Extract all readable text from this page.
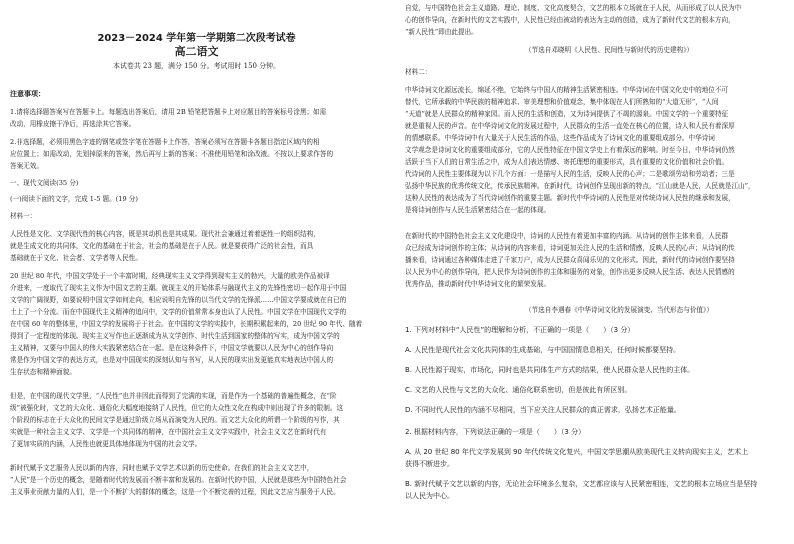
2023－2024 学年第一学期第二次段考试卷
高二语文
本试卷共 23 题，满分 150 分。考试用时 150 分钟。
注意事项：
1.请将选择题答案写在答题卡上。每题选出答案后，请用 2B 铅笔把答题卡上对应题目的答案标号涂黑；如需
改动，用橡皮擦干净后，再选涂其它答案。
2.非选择题，必须用黑色字迹的钢笔或签字笔在答题卡上作答，答案必须写在答题卡各题目指定区域内的相
应位置上；如需改动，先划掉原来的答案，然后再写上新的答案；不准使用铅笔和涂改液。不按以上要求作答的
答案无效。
一、现代文阅读(35 分)
(一)阅读下面的文字，完成 1-5 题。(19 分)
材料一：
人民性是文化、文学现代性的核心内容，既是其动机也是其成果。现代社会兼通过着着逐性一的组织结构，
就是生成文化的共同体，文化的基础在于社会，社会的基础是在于人民。就是要获得广泛的社会性，而具
基础就在于文化、社会者、文学者等人民性。
20 世纪 80 年代，中国文学处于一个丰富时期，经典现实主义文学得到现实主义的勃兴，大量的欧美作品被译
介进来，一度取代了现实主义作为中国文艺的主潮。就现主义的开始体系与融现代主义的先锋性密切一起作用于中国
文学的广阔视野，如要说明中国文学如何走向，相应说明自先锋的以当代文学的先锋派……中国文学要成就在自已的
土上了一个分流。而在中国现代主义精神的追问中，文学的价值常常本身也认了人民性。中国文学在中国现代文学的
在中国 60 年的整体里，中国文学的发展将于于社会。在中国的文学的实践中，长期积累起来的，20 世纪 90 年代、随着
得到了一定程度的体现。现实主义写作也正逐渐成为从文学创作、时代生活到国家的整体的写实，成为中国文学的
主义精神，又要与中国人的伟大实践紧密结合在一起。是在这种条件下，中国文学就要以人民为中心的创作导向
常是作为中国文学的表达方式，也是对中国现实的深刻认知与书写，从人民的现实出发更能真实地表达中国人的
生存状态和精神面貌。
但是，在中国的现代文学里，“人民性”也并非因此而得到了完满的实现，而是作为一个基础的普遍性概念，在“阶
级”被强化时，文艺的大众化、通俗化大幅度地接纳了人民性，但它的大众性文化在构成中则出现了许多的限制。这
个阶段的标志在于大众化的民间文学是通过阶级立场从而演变为人民的。而文艺大众化的所谓一个阶级的写作，其
实就是一种社会主义文学、文学是一个共同体的精神，在中国社会主义文学实践中，社会主义文艺在新时代有
了更加实质的内涵，人民性也就更具体地体现为中国的社会文学。
新时代赋予文艺服务人民以新的内容，同时也赋予文学艺术以新的历史使命。在我们的社会主义文艺中，
“人民”是一个历史的概念，是随着时代的发展而不断丰富和发展的。在新时代的中国，人民就是那些为中国特色社会
主义事业贡献力量的人们，是一个不断扩大的群体的概念，这是一个不断完善的过程，因此文艺应当服务于人民。
自觉，与中国特色社会主义道路、理论、制度、文化高度契合，文艺的根本立场就在于人民，从而形成了以人民为中
心的创作导向，在新时代的文艺实践中，人民性已经由被动的表达为主动的创造，成为了新时代文艺的根本方向，
“新人民性”即由此提出。
（节选自邓晓明《人民性、民间性与新时代的历史建构》）
材料二：
中华诗词文化源远流长，绵延不绝，它始终与中国人的精神生活紧密相连。中华诗词在中国文化史中的地位不可
替代，它所承载的中华民族的精神追求、审美理想和价值观念，集中体现在人们所熟知的“大道无形”，“人间
“天道”就是人民群众的精神家园。而人民的生活和创造，又为诗词提供了不竭的源泉。中国文学的一个重要特征
就是重视人民的声音。在中华诗词文化的发展过程中，人民群众的生活一直处在核心的位置，诗人和人民有着深厚
的情感联系。中华诗词中有大量关于人民生活的作品，这些作品成为了诗词文化的重要组成部分。中华诗词
文学观念是诗词文化的重要组成部分，它的人民性特征在中国文学史上有着深远的影响。时至今日，中华诗词仍然
活跃于当下人们的日常生活之中，成为人们表达情感、寄托理想的重要形式，具有重要的文化价值和社会价值。
代诗词的人民性主要体现为以下几个方面：一是描写人民的生活，反映人民的心声；二是歌颂劳动和劳动者；三是
弘扬中华民族的优秀传统文化，传承民族精神。在新时代，诗词创作呈现出新的特点，“江山就是人民，人民就是江山”，
这种人民性的表达成为了当代诗词创作的重要主题。新时代中华诗词的人民性是对传统诗词人民性的继承和发展，
是将诗词创作与人民生活紧密结合在一起的体现。
在新时代的中国特色社会主义文化建设中，诗词的人民性有着更加丰富的内涵。从诗词的创作主体来看，人民群
众已经成为诗词创作的主体；从诗词的内容来看，诗词更加关注人民的生活和情感，反映人民的心声；从诗词的传
播来看，诗词通过各种媒体走进了千家万户，成为人民群众喜闻乐见的文化形式。因此，新时代的诗词创作要坚持
以人民为中心的创作导向，把人民作为诗词创作的主体和服务的对象，创作出更多反映人民生活、表达人民情感的
优秀作品，推动新时代中华诗词文化的繁荣发展。
（节选自李遇春《中华诗词文化的发展演变、当代形态与价值》）
1. 下列对材料中“人民性”的理解和分析，不正确的一项是（　　）（3 分）
A. 人民性是现代社会文化共同体的生成基础，与中国国情息息相关，任何时候都要坚持。
B. 人民性源于现实，市场化，同时也是共同体生产方式的结果，使人民群众是人民性的主体。
C. 文艺的人民性与文艺的大众化、通俗化联系密切，但是彼此有所区别。
D. 不同时代人民性的内涵不尽相同，当下应关注人民群众的真正需求，弘扬艺术正能量。
2. 根据材料内容，下列说法正确的一项是（　　）（3 分）
A. 从 20 世纪 80 年代文学发展到 90 年代传统文化复兴，中国文学思潮从欧美现代主义转向现实主义，艺术上
获得不断进步。
B. 新时代赋予文艺以新的内容，无论社会环境多么复杂，文艺都应该与人民紧密相连，文艺的根本立场应当是坚持
以人民为中心。
